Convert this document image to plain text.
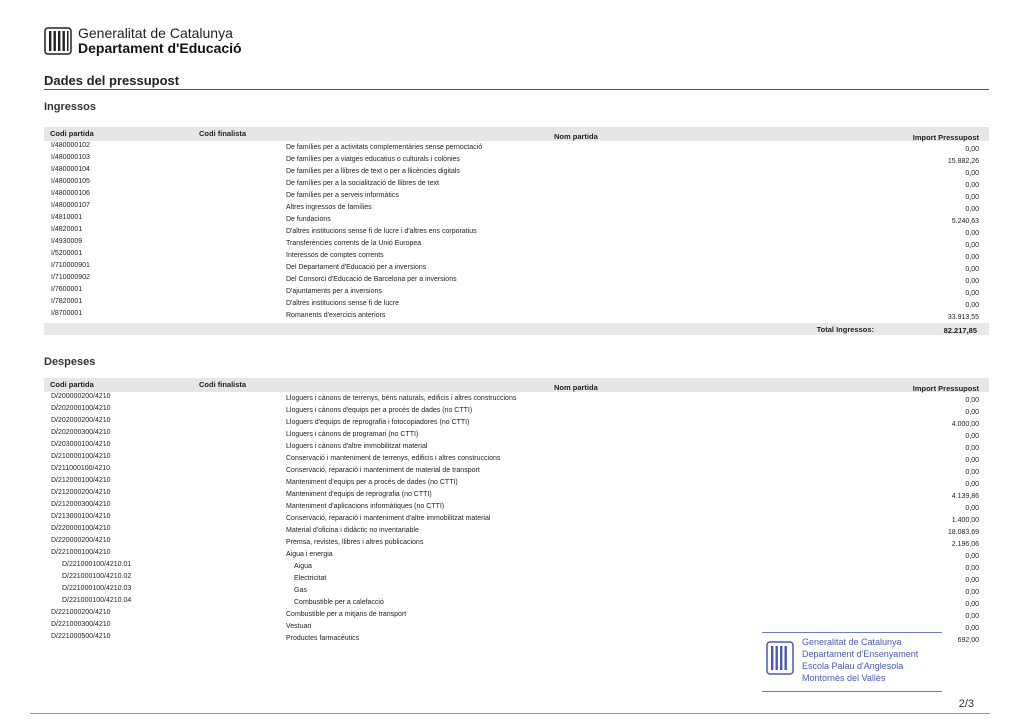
Generalitat de Catalunya
Departament d'Educació
Dades del pressupost
Ingressos
Codi partida	Codi finalista	Nom partida	Import Pressupost
I/480000102	De famílies per a activitats complementàries sense pernoctació	0,00
I/480000103	De famílies per a viatges educatius o culturals i colònies	15.882,26
I/480000104	De famílies per a llibres de text o per a llicències digitals	0,00
I/480000105	De famílies per a la socialització de llibres de text	0,00
I/480000106	De famílies per a serveis informàtics	0,00
I/480000107	Altres ingressos de famílies	0,00
I/4810001	De fundacions	5.240,63
I/4820001	D'altres institucions sense fi de lucre i d'altres ens corporatius	0,00
I/4930009	Transferències corrents de la Unió Europea	0,00
I/5200001	Interessos de comptes corrents	0,00
I/710000901	Del Departament d'Educació per a inversions	0,00
I/710000902	Del Consorci d'Educació de Barcelona per a inversions	0,00
I/7600001	D'ajuntaments per a inversions	0,00
I/7820001	D'altres institucions sense fi de lucre	0,00
I/8700001	Romanents d'exercicis anteriors	33.913,55
Total Ingressos:	82.217,85
Despeses
Codi partida	Codi finalista	Nom partida	Import Pressupost
D/200000200/4210	Lloguers i cànons de terrenys, béns naturals, edificis i altres construccions	0,00
D/202000100/4210	Lloguers i cànons d'equips per a procés de dades (no CTTI)	0,00
D/202000200/4210	Lloguers d'equips de reprografia i fotocopiadores (no CTTI)	4.000,00
D/202000300/4210	Lloguers i cànons de programari (no CTTI)	0,00
D/203000100/4210	Lloguers i cànons d'altre immobilitzat material	0,00
D/210000100/4210	Conservació i manteniment de terrenys, edificis i altres construccions	0,00
D/211000100/4210	Conservació, reparació i manteniment de material de transport	0,00
D/212000100/4210	Manteniment d'equips per a procés de dades (no CTTI)	0,00
D/212000200/4210	Manteniment d'equips de reprografia (no CTTI)	4.139,86
D/212000300/4210	Manteniment d'aplicacions informàtiques (no CTTI)	0,00
D/213000100/4210	Conservació, reparació i manteniment d'altre immobilitzat material	1.400,00
D/220000100/4210	Material d'oficina i didàctic no inventariable	18.083,69
D/220000200/4210	Premsa, revistes, llibres i altres publicacions	2.196,06
D/221000100/4210	Aigua i energia	0,00
D/221000100/4210.01	Aigua	0,00
D/221000100/4210.02	Electricitat	0,00
D/221000100/4210.03	Gas	0,00
D/221000100/4210.04	Combustible per a calefacció	0,00
D/221000200/4210	Combustible per a mitjans de transport	0,00
D/221000300/4210	Vestuari	0,00
D/221000500/4210	Productes farmacèutics	692,00
Generalitat de Catalunya
Departament d'Ensenyament
Escola Palau d'Anglesola
Montornès del Vallès
2/3
